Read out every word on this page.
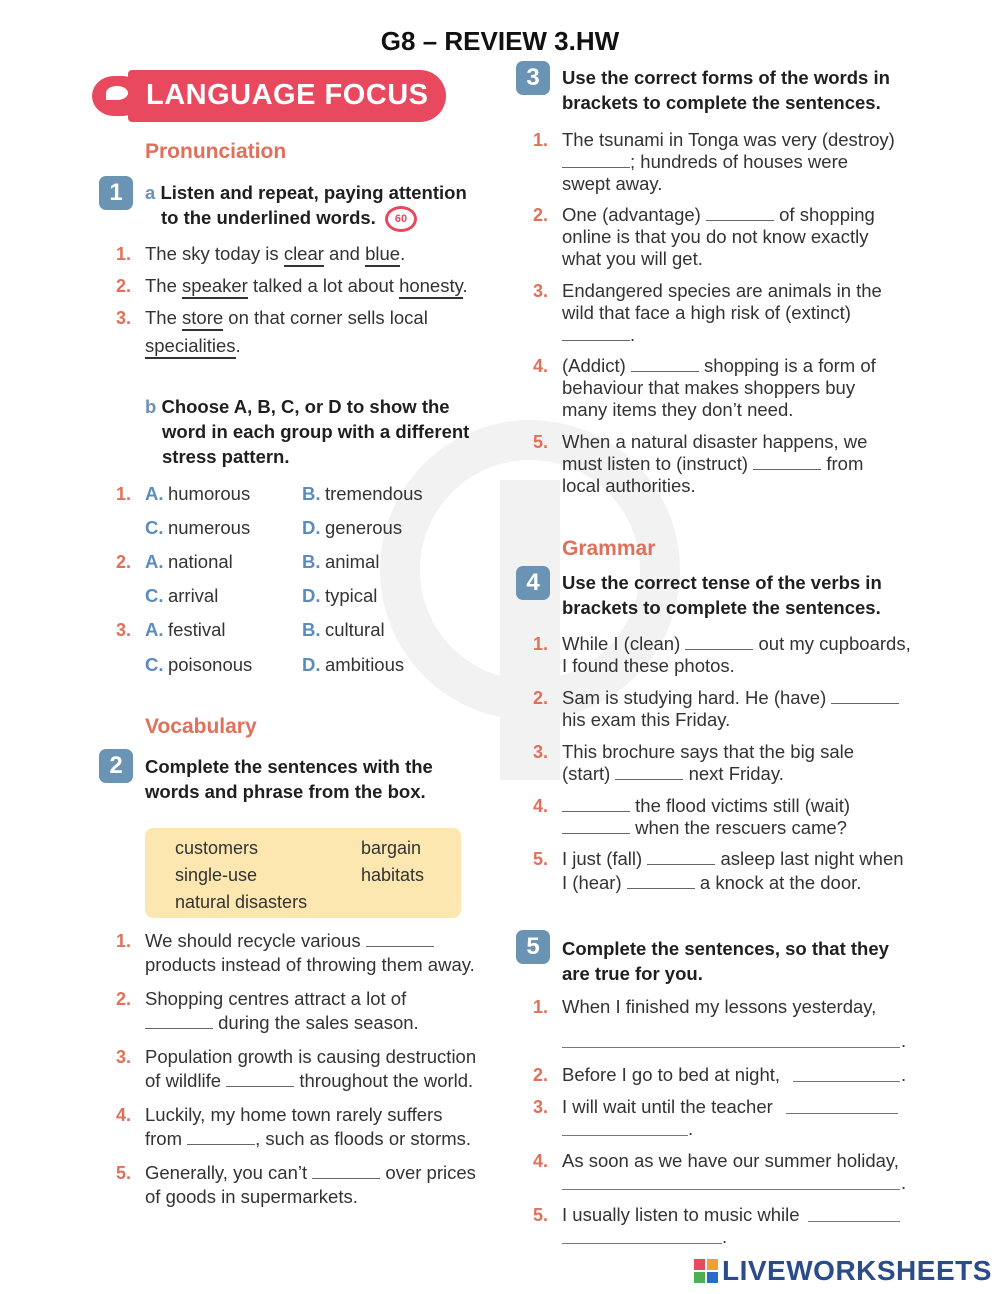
G8 – REVIEW 3.HW
LANGUAGE FOCUS
Pronunciation
1	a Listen and repeat, paying attention
to the underlined words. 60
1. The sky today is clear and blue.
2. The speaker talked a lot about honesty.
3. The store on that corner sells local
specialities.
b Choose A, B, C, or D to show the
word in each group with a different
stress pattern.
1. A. humorous	B. tremendous
C. numerous	D. generous
2. A. national	B. animal
C. arrival	D. typical
3. A. festival	B. cultural
C. poisonous	D. ambitious
Vocabulary
2	Complete the sentences with the
words and phrase from the box.
customers	bargain
single-use	habitats
natural disasters
1. We should recycle various
products instead of throwing them away.
2. Shopping centres attract a lot of
during the sales season.
3. Population growth is causing destruction
of wildlife	throughout the world.
4. Luckily, my home town rarely suffers
from	, such as floods or storms.
5. Generally, you can’t	over prices
of goods in supermarkets.
3	Use the correct forms of the words in
brackets to complete the sentences.
1. The tsunami in Tonga was very (destroy)
; hundreds of houses were
swept away.
2. One (advantage)	of shopping
online is that you do not know exactly
what you will get.
3. Endangered species are animals in the
wild that face a high risk of (extinct)
.
4. (Addict)	shopping is a form of
behaviour that makes shoppers buy
many items they don’t need.
5. When a natural disaster happens, we
must listen to (instruct)	from
local authorities.
Grammar
4	Use the correct tense of the verbs in
brackets to complete the sentences.
1. While I (clean)	out my cupboards,
I found these photos.
2. Sam is studying hard. He (have)
his exam this Friday.
3. This brochure says that the big sale
(start)	next Friday.
4.	the flood victims still (wait)
when the rescuers came?
5. I just (fall)	asleep last night when
I (hear)	a knock at the door.
5	Complete the sentences, so that they
are true for you.
1. When I finished my lessons yesterday,
.
2. Before I go to bed at night,	.
3. I will wait until the teacher
.
4. As soon as we have our summer holiday,
.
5. I usually listen to music while
.
LIVEWORKSHEETS
